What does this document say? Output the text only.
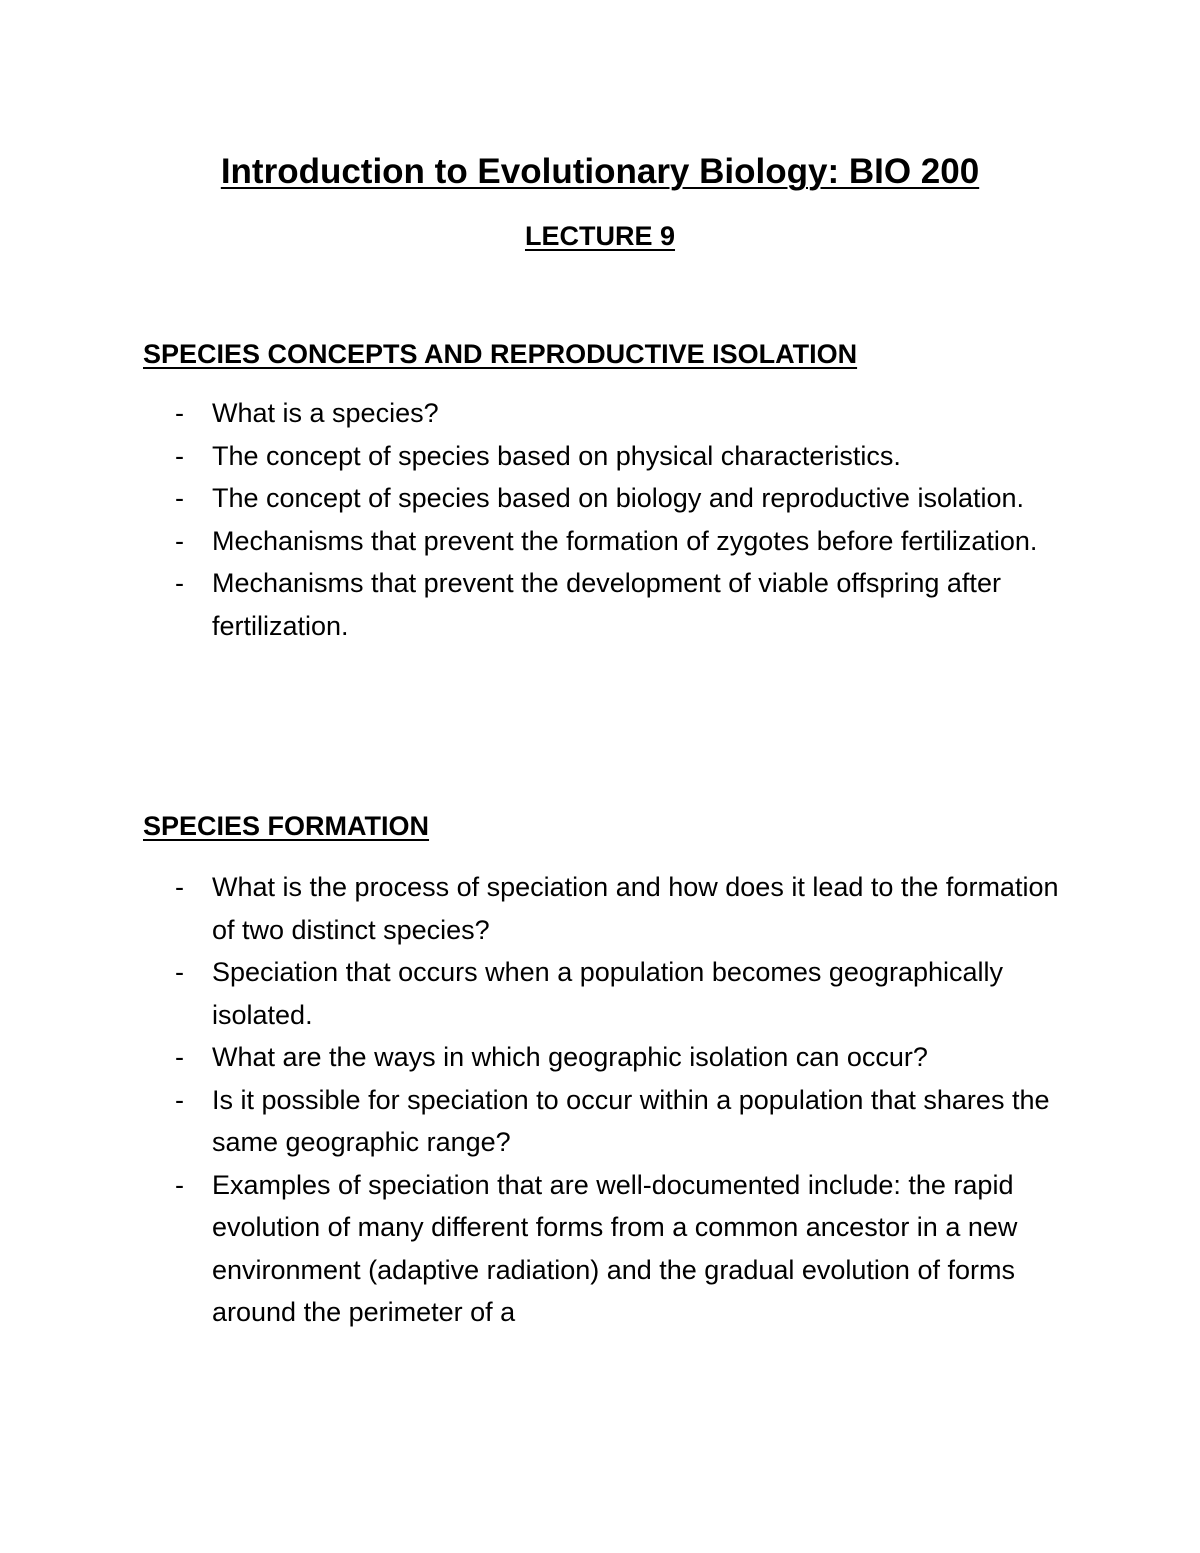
Introduction to Evolutionary Biology: BIO 200
LECTURE 9
SPECIES CONCEPTS AND REPRODUCTIVE ISOLATION
- What is a species?
- The concept of species based on physical characteristics.
- The concept of species based on biology and reproductive isolation.
- Mechanisms that prevent the formation of zygotes before fertilization.
- Mechanisms that prevent the development of viable offspring after fertilization.
SPECIES FORMATION
- What is the process of speciation and how does it lead to the formation of two distinct species?
- Speciation that occurs when a population becomes geographically isolated.
- What are the ways in which geographic isolation can occur?
- Is it possible for speciation to occur within a population that shares the same geographic range?
- Examples of speciation that are well-documented include: the rapid evolution of many different forms from a common ancestor in a new environment (adaptive radiation) and the gradual evolution of forms around the perimeter of a
